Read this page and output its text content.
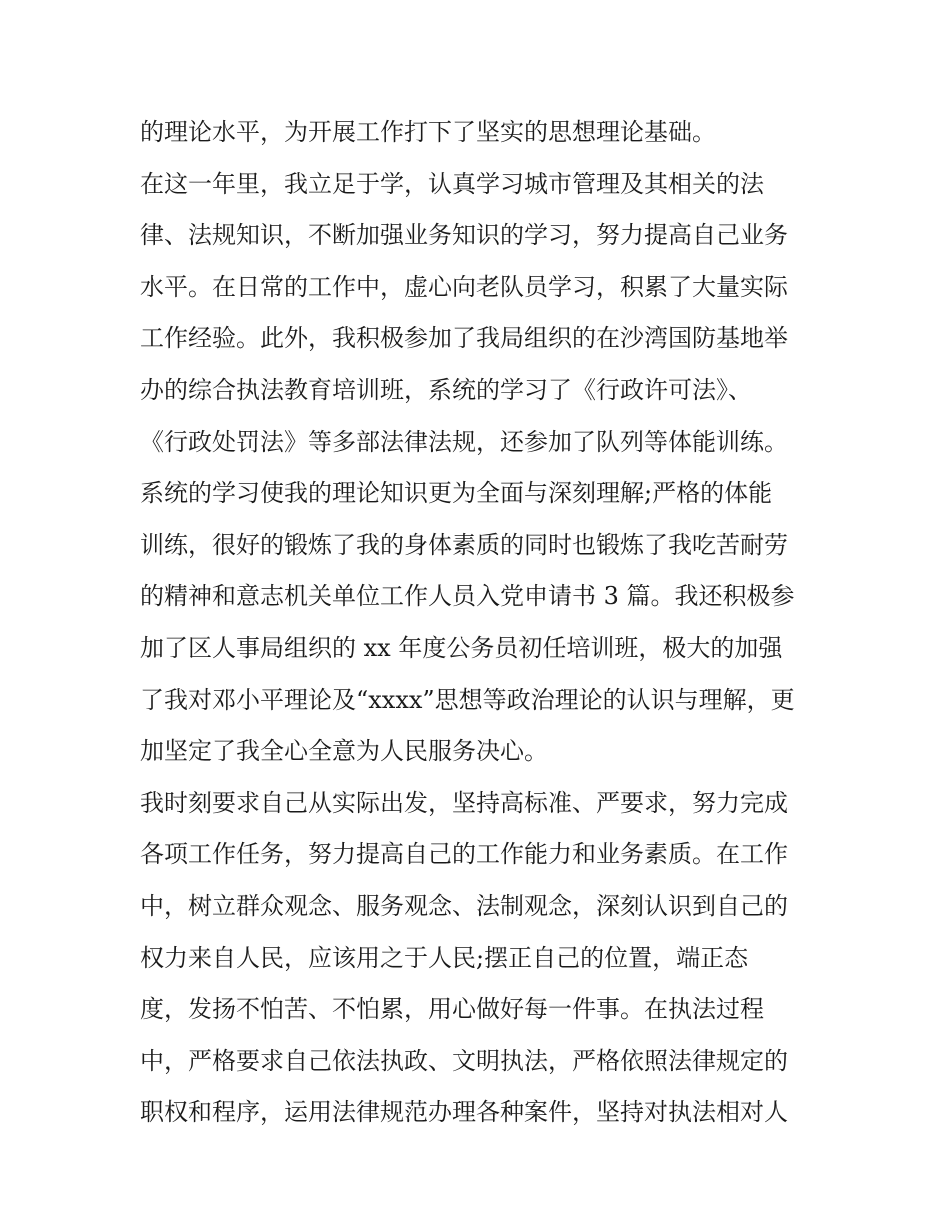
的理论水平，为开展工作打下了坚实的思想理论基础。
在这一年里，我立足于学，认真学习城市管理及其相关的法
律、法规知识，不断加强业务知识的学习，努力提高自己业务
水平。在日常的工作中，虚心向老队员学习，积累了大量实际
工作经验。此外，我积极参加了我局组织的在沙湾国防基地举
办的综合执法教育培训班，系统的学习了《行政许可法》、
《行政处罚法》等多部法律法规，还参加了队列等体能训练。
系统的学习使我的理论知识更为全面与深刻理解;严格的体能
训练，很好的锻炼了我的身体素质的同时也锻炼了我吃苦耐劳
的精神和意志机关单位工作人员入党申请书 3 篇。我还积极参
加了区人事局组织的 xx 年度公务员初任培训班，极大的加强
了我对邓小平理论及“xxxx”思想等政治理论的认识与理解，更
加坚定了我全心全意为人民服务决心。
我时刻要求自己从实际出发，坚持高标准、严要求，努力完成
各项工作任务，努力提高自己的工作能力和业务素质。在工作
中，树立群众观念、服务观念、法制观念，深刻认识到自己的
权力来自人民，应该用之于人民;摆正自己的位置，端正态
度，发扬不怕苦、不怕累，用心做好每一件事。在执法过程
中，严格要求自己依法执政、文明执法，严格依照法律规定的
职权和程序，运用法律规范办理各种案件，坚持对执法相对人
